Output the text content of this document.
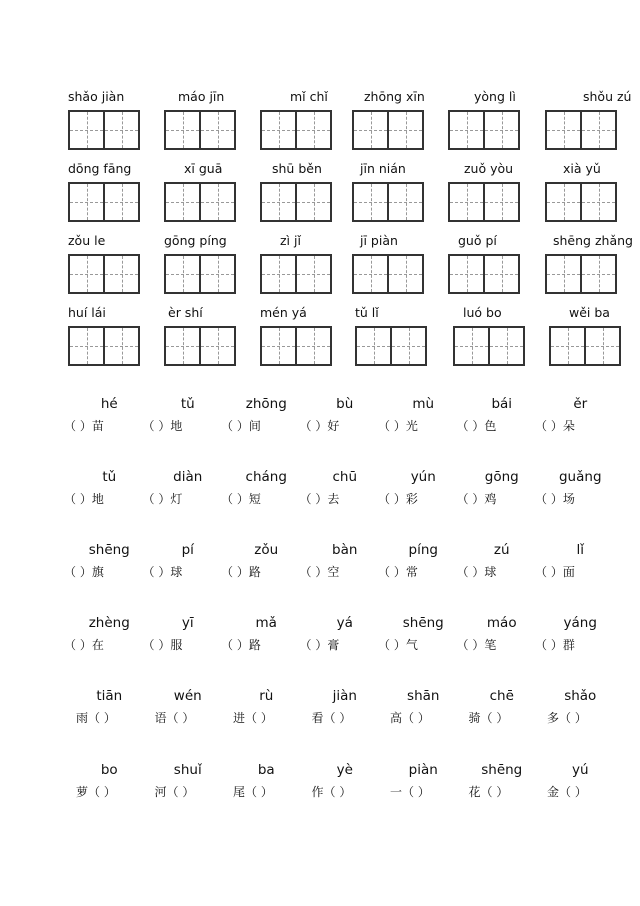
shǎo jiàn	máo jīn	mǐ chǐ	zhōng xīn	yòng lì	shǒu zú
dōng fāng	xī guā	shū běn	jīn nián	zuǒ yòu	xià yǔ
zǒu le	gōng píng	zì jǐ	jī piàn	guǒ pí	shēng zhǎng
huí lái	èr shí	mén yá	tǔ lǐ	luó bo	wěi ba
hé	tǔ	zhōng	bù	mù	bái	ěr
（ ）苗	（ ）地	（ ）间	（ ）好	（ ）光	（ ）色	（ ）朵
tǔ	diàn	cháng	chū	yún	gōng	guǎng
（ ）地	（ ）灯	（ ）短	（ ）去	（ ）彩	（ ）鸡	（ ）场
shēng	pí	zǒu	bàn	píng	zú	lǐ
（ ）旗	（ ）球	（ ）路	（ ）空	（ ）常	（ ）球	（ ）面
zhèng	yī	mǎ	yá	shēng	máo	yáng
（ ）在	（ ）服	（ ）路	（ ）膏	（ ）气	（ ）笔	（ ）群
tiān	wén	rù	jiàn	shān	chē	shǎo
雨（ ）	语（ ）	进（ ）	看（ ）	高（ ）	骑（ ）	多（ ）
bo	shuǐ	ba	yè	piàn	shēng	yú
萝（ ）	河（ ）	尾（ ）	作（ ）	一（ ）	花（ ）	金（ ）
